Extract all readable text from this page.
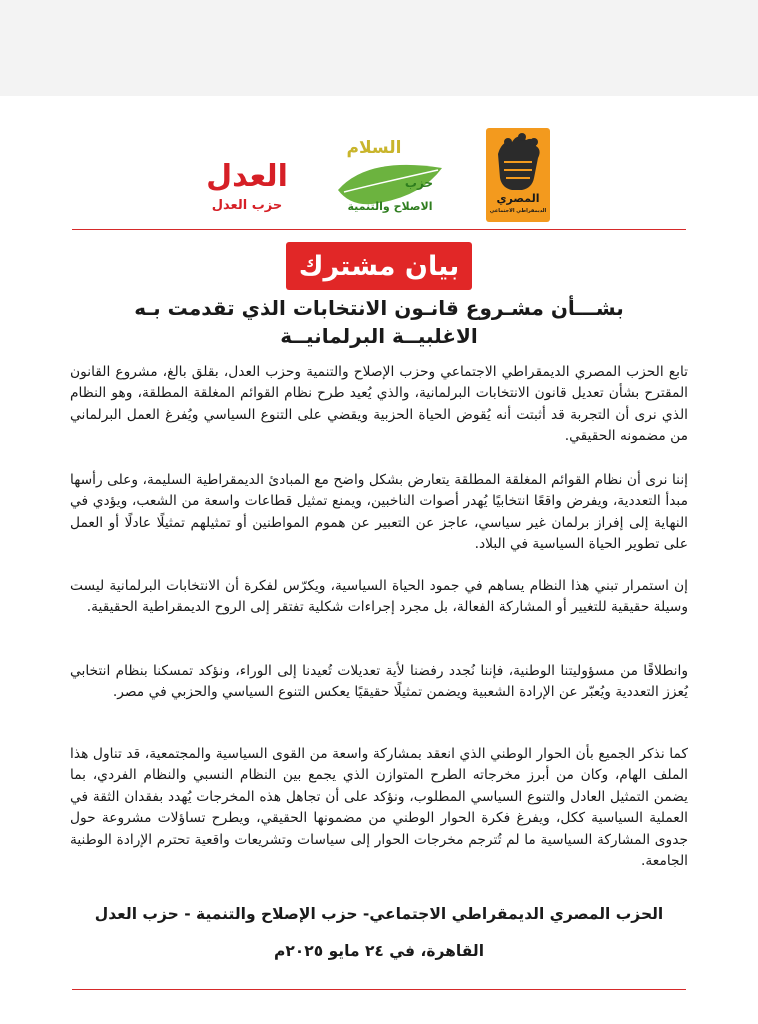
المصري
الديمقراطي الاجتماعي
السلام
حزب
الاصلاح والتنمية
العدل
حزب العدل
بيان مشترك
بشـــأن مشـروع قانـون الانتخابات الذي تقدمت بـه
الاغلبيــة البرلمانيــة

تابع الحزب المصري الديمقراطي الاجتماعي وحزب الإصلاح والتنمية وحزب العدل، بقلق بالغ، مشروع القانون المقترح بشأن تعديل قانون الانتخابات البرلمانية، والذي يُعيد طرح نظام القوائم المغلقة المطلقة، وهو النظام الذي نرى أن التجربة قد أثبتت أنه يُقوض الحياة الحزبية ويقضي على التنوع السياسي ويُفرغ العمل البرلماني من مضمونه الحقيقي.

إننا نرى أن نظام القوائم المغلقة المطلقة يتعارض بشكل واضح مع المبادئ الديمقراطية السليمة، وعلى رأسها مبدأ التعددية، ويفرض واقعًا انتخابيًا يُهدر أصوات الناخبين، ويمنع تمثيل قطاعات واسعة من الشعب، ويؤدي في النهاية إلى إفراز برلمان غير سياسي، عاجز عن التعبير عن هموم المواطنين أو تمثيلهم تمثيلًا عادلًا أو العمل على تطوير الحياة السياسية في البلاد.

إن استمرار تبني هذا النظام يساهم في جمود الحياة السياسية، ويكرّس لفكرة أن الانتخابات البرلمانية ليست وسيلة حقيقية للتغيير أو المشاركة الفعالة، بل مجرد إجراءات شكلية تفتقر إلى الروح الديمقراطية الحقيقية.

وانطلاقًا من مسؤوليتنا الوطنية، فإننا نُجدد رفضنا لأية تعديلات تُعيدنا إلى الوراء، ونؤكد تمسكنا بنظام انتخابي يُعزز التعددية ويُعبّر عن الإرادة الشعبية ويضمن تمثيلًا حقيقيًا يعكس التنوع السياسي والحزبي في مصر.

كما نذكر الجميع بأن الحوار الوطني الذي انعقد بمشاركة واسعة من القوى السياسية والمجتمعية، قد تناول هذا الملف الهام، وكان من أبرز مخرجاته الطرح المتوازن الذي يجمع بين النظام النسبي والنظام الفردي، بما يضمن التمثيل العادل والتنوع السياسي المطلوب، ونؤكد على أن تجاهل هذه المخرجات يُهدد بفقدان الثقة في العملية السياسية ككل، ويفرغ فكرة الحوار الوطني من مضمونها الحقيقي، ويطرح تساؤلات مشروعة حول جدوى المشاركة السياسية ما لم تُترجم مخرجات الحوار إلى سياسات وتشريعات واقعية تحترم الإرادة الوطنية الجامعة.

الحزب المصري الديمقراطي الاجتماعي- حزب الإصلاح والتنمية - حزب العدل
القاهرة، في ٢٤ مايو ٢٠٢٥م
